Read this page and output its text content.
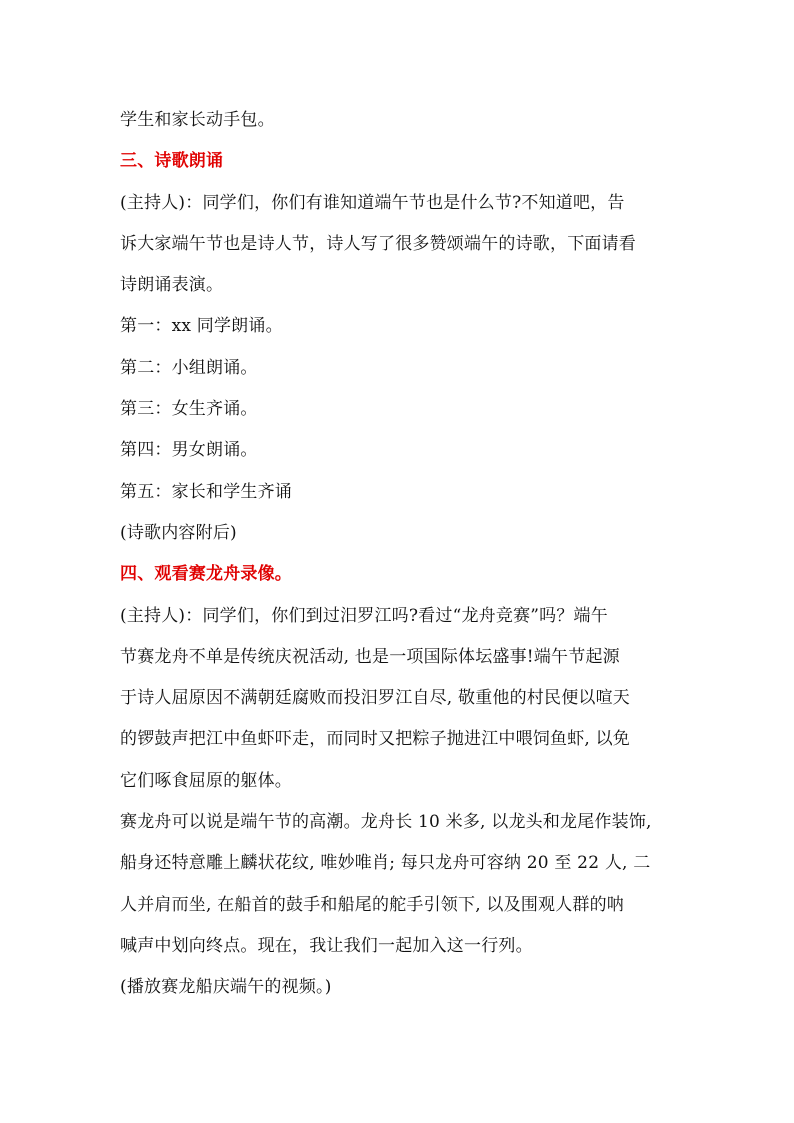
学生和家长动手包。
三、诗歌朗诵
(主持人)：同学们，你们有谁知道端午节也是什么节?不知道吧，告
诉大家端午节也是诗人节，诗人写了很多赞颂端午的诗歌，下面请看
诗朗诵表演。
第一：xx 同学朗诵。
第二：小组朗诵。
第三：女生齐诵。
第四：男女朗诵。
第五：家长和学生齐诵
(诗歌内容附后)
四、观看赛龙舟录像。
(主持人)：同学们，你们到过汨罗江吗?看过“龙舟竞赛”吗？端午
节赛龙舟不单是传统庆祝活动, 也是一项国际体坛盛事!端午节起源
于诗人屈原因不满朝廷腐败而投汨罗江自尽, 敬重他的村民便以喧天
的锣鼓声把江中鱼虾吓走，而同时又把粽子抛进江中喂饲鱼虾, 以免
它们啄食屈原的躯体。
赛龙舟可以说是端午节的高潮。龙舟长 10 米多, 以龙头和龙尾作装饰,
船身还特意雕上麟状花纹, 唯妙唯肖; 每只龙舟可容纳 20 至 22 人, 二
人并肩而坐, 在船首的鼓手和船尾的舵手引领下, 以及围观人群的呐
喊声中划向终点。现在，我让我们一起加入这一行列。
(播放赛龙船庆端午的视频。)
